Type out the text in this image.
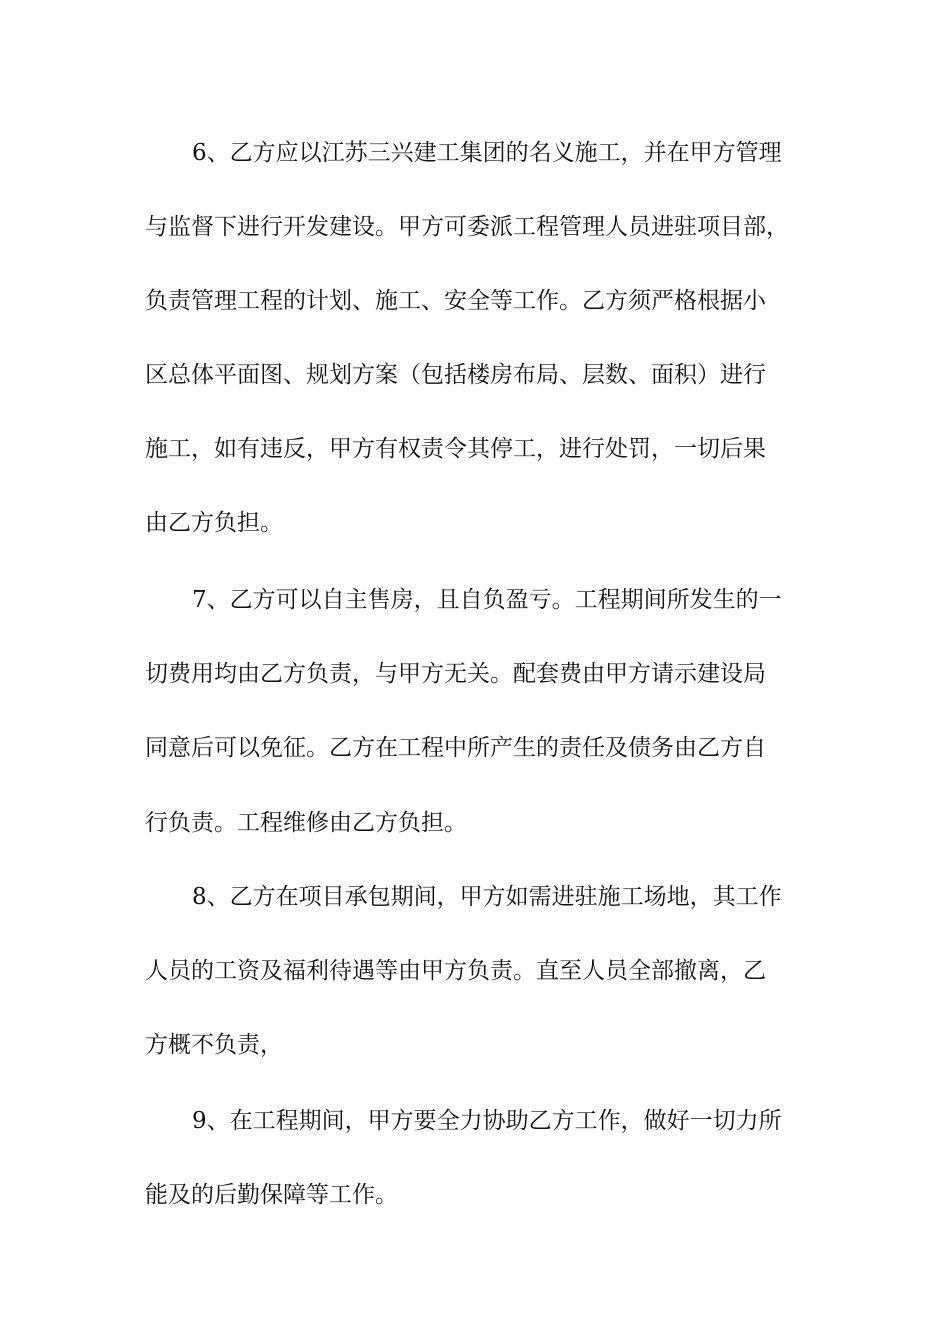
6、乙方应以江苏三兴建工集团的名义施工，并在甲方管理
与监督下进行开发建设。甲方可委派工程管理人员进驻项目部，
负责管理工程的计划、施工、安全等工作。乙方须严格根据小
区总体平面图、规划方案（包括楼房布局、层数、面积）进行
施工，如有违反，甲方有权责令其停工，进行处罚，一切后果
由乙方负担。
7、乙方可以自主售房，且自负盈亏。工程期间所发生的一
切费用均由乙方负责，与甲方无关。配套费由甲方请示建设局
同意后可以免征。乙方在工程中所产生的责任及债务由乙方自
行负责。工程维修由乙方负担。
8、乙方在项目承包期间，甲方如需进驻施工场地，其工作
人员的工资及福利待遇等由甲方负责。直至人员全部撤离，乙
方概不负责，
9、在工程期间，甲方要全力协助乙方工作，做好一切力所
能及的后勤保障等工作。
